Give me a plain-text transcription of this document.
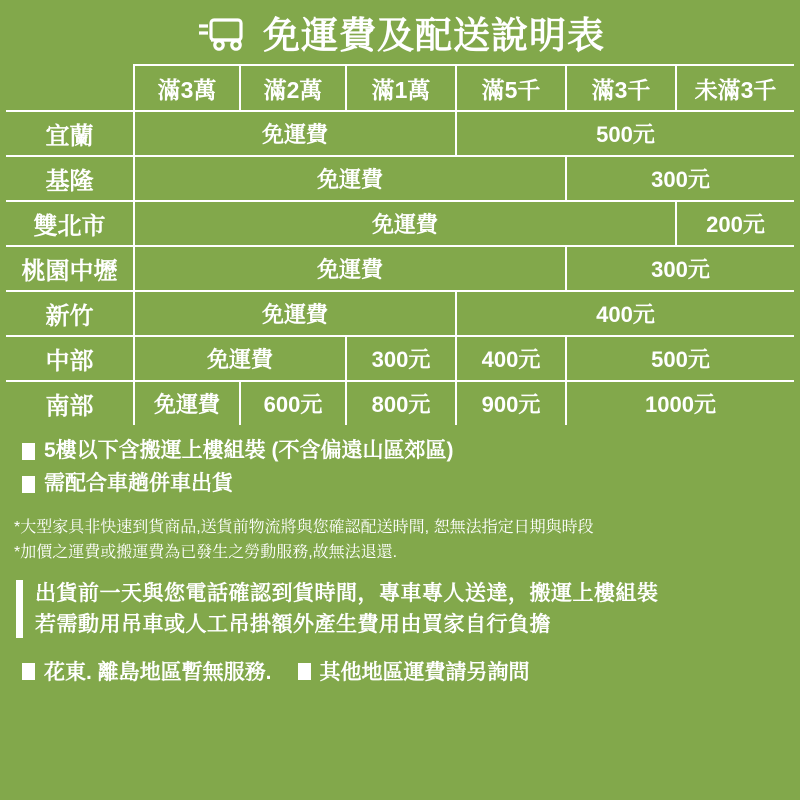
免運費及配送說明表
	滿3萬	滿2萬	滿1萬	滿5千	滿3千	未滿3千
宜蘭	免運費			500元		
基隆	免運費				300元	
雙北市	免運費					200元
桃園中壢	免運費				300元	
新竹	免運費			400元		
中部	免運費		300元	400元	500元	
南部	免運費	600元	800元	900元	1000元	
5樓以下含搬運上樓組裝 (不含偏遠山區郊區)
需配合車趟併車出貨
*大型家具非快速到貨商品,送貨前物流將與您確認配送時間, 恕無法指定日期與時段
*加價之運費或搬運費為已發生之勞動服務,故無法退還.
出貨前一天與您電話確認到貨時間，專車專人送達，搬運上樓組裝
若需動用吊車或人工吊掛額外產生費用由買家自行負擔
花東. 離島地區暫無服務. 其他地區運費請另詢問
